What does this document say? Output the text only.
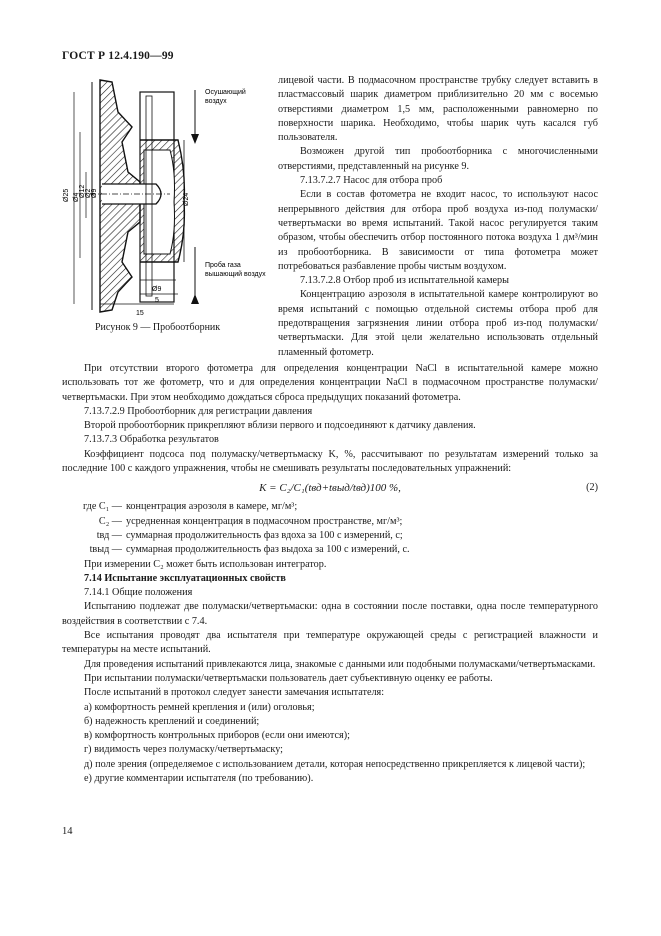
ГОСТ Р 12.4.190—99
Осушающий
воздух
Проба газа
вышающий воздух
Ø25 Ø4 Ø12 Ø2 Ø9	Ø24
Ø9
5
15
Рисунок 9 — Пробоотборник

лицевой части. В подмасочном пространстве трубку следует вставить в пластмассовый шарик диаметром приблизительно 20 мм с восемью отверстиями диаметром 1,5 мм, расположенными равномерно по поверхности шарика. Необходимо, чтобы шарик чуть касался губ пользователя.

Возможен другой тип пробоотборника с многочисленными отверстиями, представленный на рисунке 9.

7.13.7.2.7 Насос для отбора проб

Если в состав фотометра не входит насос, то используют насос непрерывного действия для отбора проб воздуха из-под полумаски/четвертьмаски во время испытаний. Такой насос регулируется таким образом, чтобы обеспечить отбор постоянного потока воздуха 1 дм³/мин из пробоотборника. В зависимости от типа фотометра может потребоваться разбавление пробы чистым воздухом.

7.13.7.2.8 Отбор проб из испытательной камеры

Концентрацию аэрозоля в испытательной камере контролируют во время испытаний с помощью отдельной системы отбора проб для предотвращения загрязнения линии отбора проб из-под полумаски/четвертьмаски. Для этой цели желательно использовать отдельный пламенный фотометр.

При отсутствии второго фотометра для определения концентрации NaCl в испытательной камере можно использовать тот же фотометр, что и для определения концентрации NaCl в подмасочном пространстве полумаски/четвертьмаски. При этом необходимо дождаться сброса предыдущих показаний фотометра.

7.13.7.2.9 Пробоотборник для регистрации давления

Второй пробоотборник прикрепляют вблизи первого и подсоединяют к датчику давления.

7.13.7.3 Обработка результатов

Коэффициент подсоса под полумаску/четвертьмаску K, %, рассчитывают по результатам измерений только за последние 100 с каждого упражнения, чтобы не смешивать результаты последовательных упражнений:

K = C₂/C₁(tвд+tвыд/tвд)100 %,	(2)
где C₁ — концентрация аэрозоля в камере, мг/м³;
C₂ — усредненная концентрация в подмасочном пространстве, мг/м³;
tвд — суммарная продолжительность фаз вдоха за 100 с измерений, с;
tвыд — суммарная продолжительность фаз выдоха за 100 с измерений, с.

При измерении C₂ может быть использован интегратор.

7.14 Испытание эксплуатационных свойств

7.14.1 Общие положения

Испытанию подлежат две полумаски/четвертьмаски: одна в состоянии после поставки, одна после температурного воздействия в соответствии с 7.4.

Все испытания проводят два испытателя при температуре окружающей среды с регистрацией влажности и температуры на месте испытаний.

Для проведения испытаний привлекаются лица, знакомые с данными или подобными полумасками/четвертьмасками.

При испытании полумаски/четвертьмаски пользователь дает субъективную оценку ее работы.

После испытаний в протокол следует занести замечания испытателя:

а) комфортность ремней крепления и (или) оголовья;

б) надежность креплений и соединений;

в) комфортность контрольных приборов (если они имеются);

г) видимость через полумаску/четвертьмаску;

д) поле зрения (определяемое с использованием детали, которая непосредственно прикрепляется к лицевой части);

е) другие комментарии испытателя (по требованию).

14
